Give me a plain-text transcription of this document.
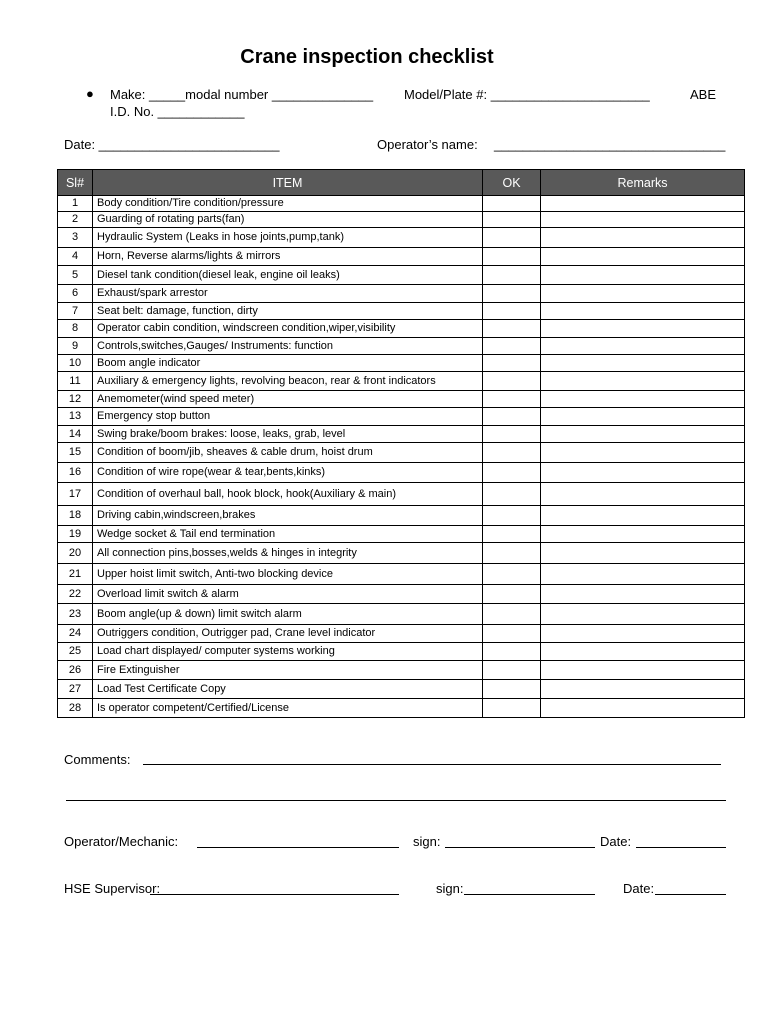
Crane inspection checklist
● Make: _____modal number ______________ Model/Plate #: ______________________	ABE
I.D. No. ____________
Date: _________________________	Operator’s name: ________________________________
Sl#	ITEM	OK	Remarks
1	Body condition/Tire condition/pressure		
2	Guarding of rotating parts(fan)		
3	Hydraulic System (Leaks in hose joints,pump,tank)		
4	Horn, Reverse alarms/lights & mirrors		
5	Diesel tank condition(diesel leak, engine oil leaks)		
6	Exhaust/spark arrestor		
7	Seat belt: damage, function, dirty		
8	Operator cabin condition, windscreen condition,wiper,visibility		
9	Controls,switches,Gauges/ Instruments: function		
10	Boom angle indicator		
11	Auxiliary & emergency lights, revolving beacon, rear & front indicators		
12	Anemometer(wind speed meter)		
13	Emergency stop button		
14	Swing brake/boom brakes: loose, leaks, grab, level		
15	Condition of boom/jib, sheaves & cable drum, hoist drum		
16	Condition of wire rope(wear & tear,bents,kinks)		
17	Condition of overhaul ball, hook block, hook(Auxiliary & main)		
18	Driving cabin,windscreen,brakes		
19	Wedge socket & Tail end termination		
20	All connection pins,bosses,welds & hinges in integrity		
21	Upper hoist limit switch, Anti-two blocking device		
22	Overload limit switch & alarm		
23	Boom angle(up & down) limit switch alarm		
24	Outriggers condition, Outrigger pad, Crane level indicator		
25	Load chart displayed/ computer systems working		
26	Fire Extinguisher		
27	Load Test Certificate Copy		
28	Is operator competent/Certified/License		
Comments:
Operator/Mechanic:	sign:	Date:
HSE Supervisor:	sign:	Date:
